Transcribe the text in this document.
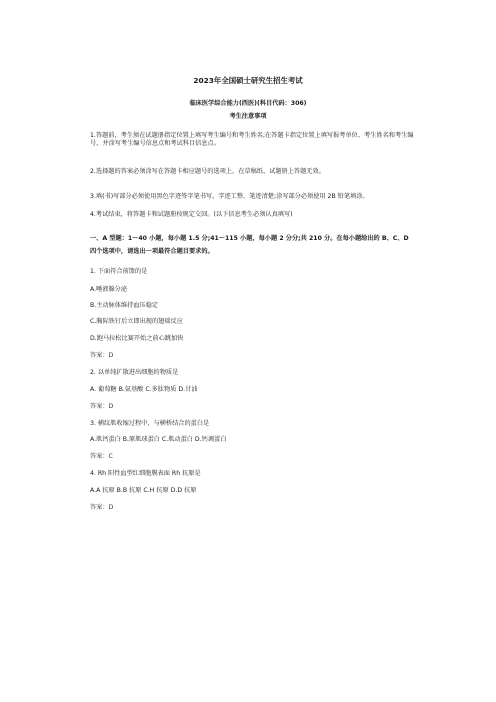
2023年全国硕士研究生招生考试
临床医学综合能力(西医)(科目代码：306)
考生注意事项
1.答题前，考生须在试题册指定位置上填写考生编号和考生姓名;在答题卡指定位置上填写报考单位、考生姓名和考生编号，并涂写考生编号信息点和考试科目信息点。
2.选择题的答案必须涂写在答题卡相应题号的选项上，在草稿纸、试题册上答题无效。
3.填(书)写部分必须使用黑色字迹签字笔书写，字迹工整、笔迹清楚;涂写部分必须使用 2B 铅笔填涂。
4.考试结束，将答题卡和试题册按规定交回。(以下信息考生必须认真填写)
一、A 型题：1～40 小题，每小题 1.5 分;41～115 小题，每小题 2 分分;共 210 分。在每小题给出的 B、C、D 四个选项中，请选出一项最符合题目要求的。
1. 下面符合前馈的是
A.唾液腺分泌
B.主动脉体维持血压稳定
C.胸际铁钉后立即出现的翅瑞反应
D.跑马拉松比赛开始之前心跳加快
答案：D
2. 以单纯扩散进出细胞的物质是
A. 葡萄糖 B.氨基酸 C.多肽物质 D.甘油
答案：D
3. 横纹肌收缩过程中，与横桥结合的蛋白是
A.肌钙蛋白 B.原肌球蛋白 C.肌动蛋白 D.钙调蛋白
答案：C
4. Rh 阳性血型红细胞膜表面 Rh 抗原是
A.A 抗原 B.B 抗原 C.H 抗原 D.D 抗原
答案：D
